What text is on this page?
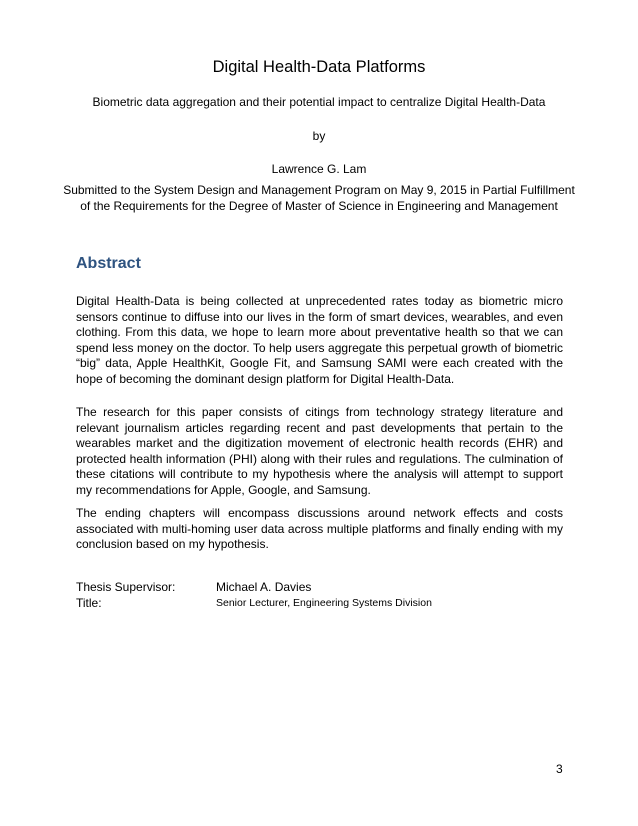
Digital Health-Data Platforms
Biometric data aggregation and their potential impact to centralize Digital Health-Data
by
Lawrence G. Lam
Submitted to the System Design and Management Program on May 9, 2015 in Partial Fulfillment of the Requirements for the Degree of Master of Science in Engineering and Management
Abstract

Digital Health-Data is being collected at unprecedented rates today as biometric micro sensors continue to diffuse into our lives in the form of smart devices, wearables, and even clothing. From this data, we hope to learn more about preventative health so that we can spend less money on the doctor. To help users aggregate this perpetual growth of biometric “big” data, Apple HealthKit, Google Fit, and Samsung SAMI were each created with the hope of becoming the dominant design platform for Digital Health-Data.

The research for this paper consists of citings from technology strategy literature and relevant journalism articles regarding recent and past developments that pertain to the wearables market and the digitization movement of electronic health records (EHR) and protected health information (PHI) along with their rules and regulations. The culmination of these citations will contribute to my hypothesis where the analysis will attempt to support my recommendations for Apple, Google, and Samsung.

The ending chapters will encompass discussions around network effects and costs associated with multi-homing user data across multiple platforms and finally ending with my conclusion based on my hypothesis.

Thesis Supervisor:	Michael A. Davies
Title:	Senior Lecturer, Engineering Systems Division
3
